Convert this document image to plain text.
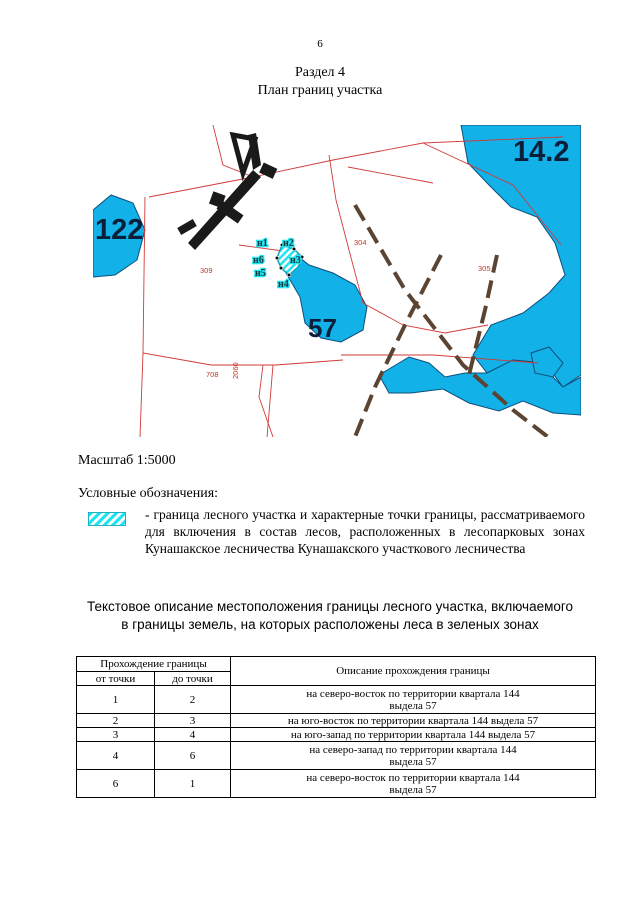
6
Раздел 4
План границ участка
122
14.2
57
309
304
305
708 2060
н1 н2
н6	н3
н5
н4
Масштаб 1:5000
Условные обозначения:
- граница лесного участка и характерные точки границы, рассматриваемого для включения в состав лесов, расположенных в лесопарковых зонах Кунашакское лесничества Кунашакского участкового лесничества
Текстовое описание местоположения границы лесного участка, включаемого
в границы земель, на которых расположены леса в зеленых зонах
Прохождение границы		Описание прохождения границы
от точки	до точки	
1	2	на северо-восток по территории квартала 144
выдела 57

2	3	на юго-восток по территории квартала 144 выдела 57
3	4	на юго-запад по территории квартала 144 выдела 57
4	6	на северо-запад по территории квартала 144
выдела 57

6	1	на северо-восток по территории квартала 144
выдела 57
